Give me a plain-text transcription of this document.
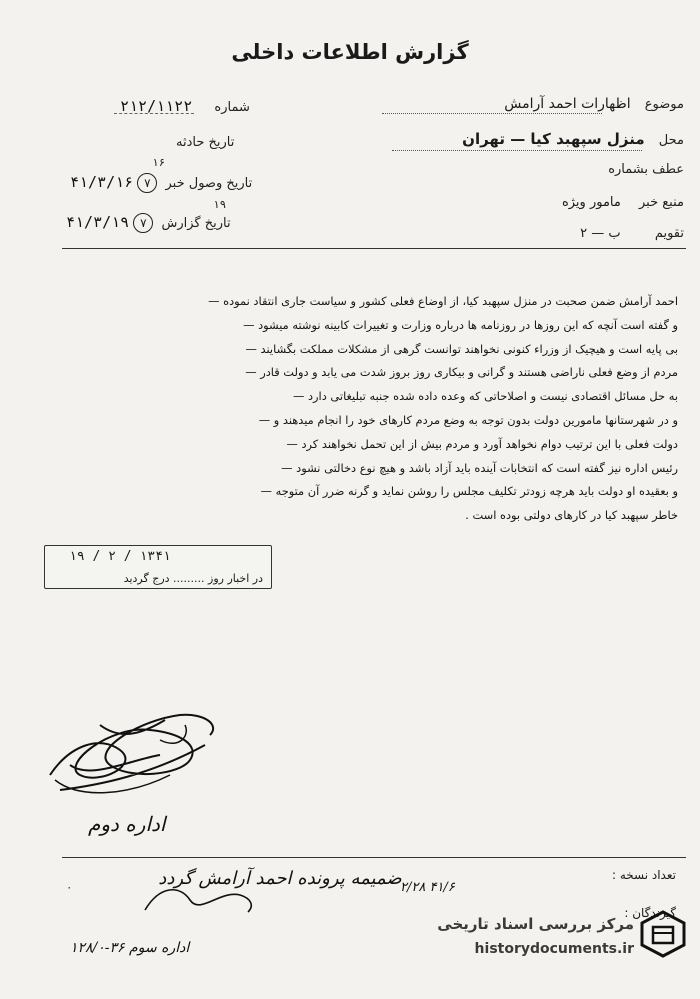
گزارش اطلاعات داخلی
شماره ۲۱۲/۱۱۲۲
تاریخ حادثه
۱۶
تاریخ وصول خبر ۷ ۴۱/۳/۱۶
۱۹
تاریخ گزارش ۷ ۴۱/۳/۱۹
موضوع اظهارات احمد آرامش
محل منزل سپهبد کیا — تهران
عطف بشماره
منبع خبر مامور ویژه
تقویم ب — ۲
احمد آرامش ضمن صحبت در منزل سپهبد کیا، از اوضاع فعلی کشور و سیاست جاری انتقاد نموده —
و گفته است آنچه که این روزها در روزنامه ها درباره وزارت و تغییرات کابینه نوشته میشود —
بی پایه است و هیچیک از وزراء کنونی نخواهند توانست گرهی از مشکلات مملکت بگشایند —
مردم از وضع فعلی ناراضی هستند و گرانی و بیکاری روز بروز شدت می یابد و دولت قادر —
به حل مسائل اقتصادی نیست و اصلاحاتی که وعده داده شده جنبه تبلیغاتی دارد —
و در شهرستانها مامورین دولت بدون توجه به وضع مردم کارهای خود را انجام میدهند و —
دولت فعلی با این ترتیب دوام نخواهد آورد و مردم بیش از این تحمل نخواهند کرد —
رئیس اداره نیز گفته است که انتخابات آینده باید آزاد باشد و هیچ نوع دخالتی نشود —
و بعقیده او دولت باید هرچه زودتر تکلیف مجلس را روشن نماید و گرنه ضرر آن متوجه —
خاطر سپهبد کیا در کارهای دولتی بوده است .
۱۳۴۱ / ۲ / ۱۹
در اخبار روز ......... درج گردید
اداره دوم
تعداد نسخه :
گیرندگان :
۰	ضمیمه پرونده احمد آرامش گردد
۲/۲۸ ۴۱/۶
اداره سوم ۳۶-۱۲۸/۰
مرکز بررسی اسناد تاریخی
historydocuments.ir
